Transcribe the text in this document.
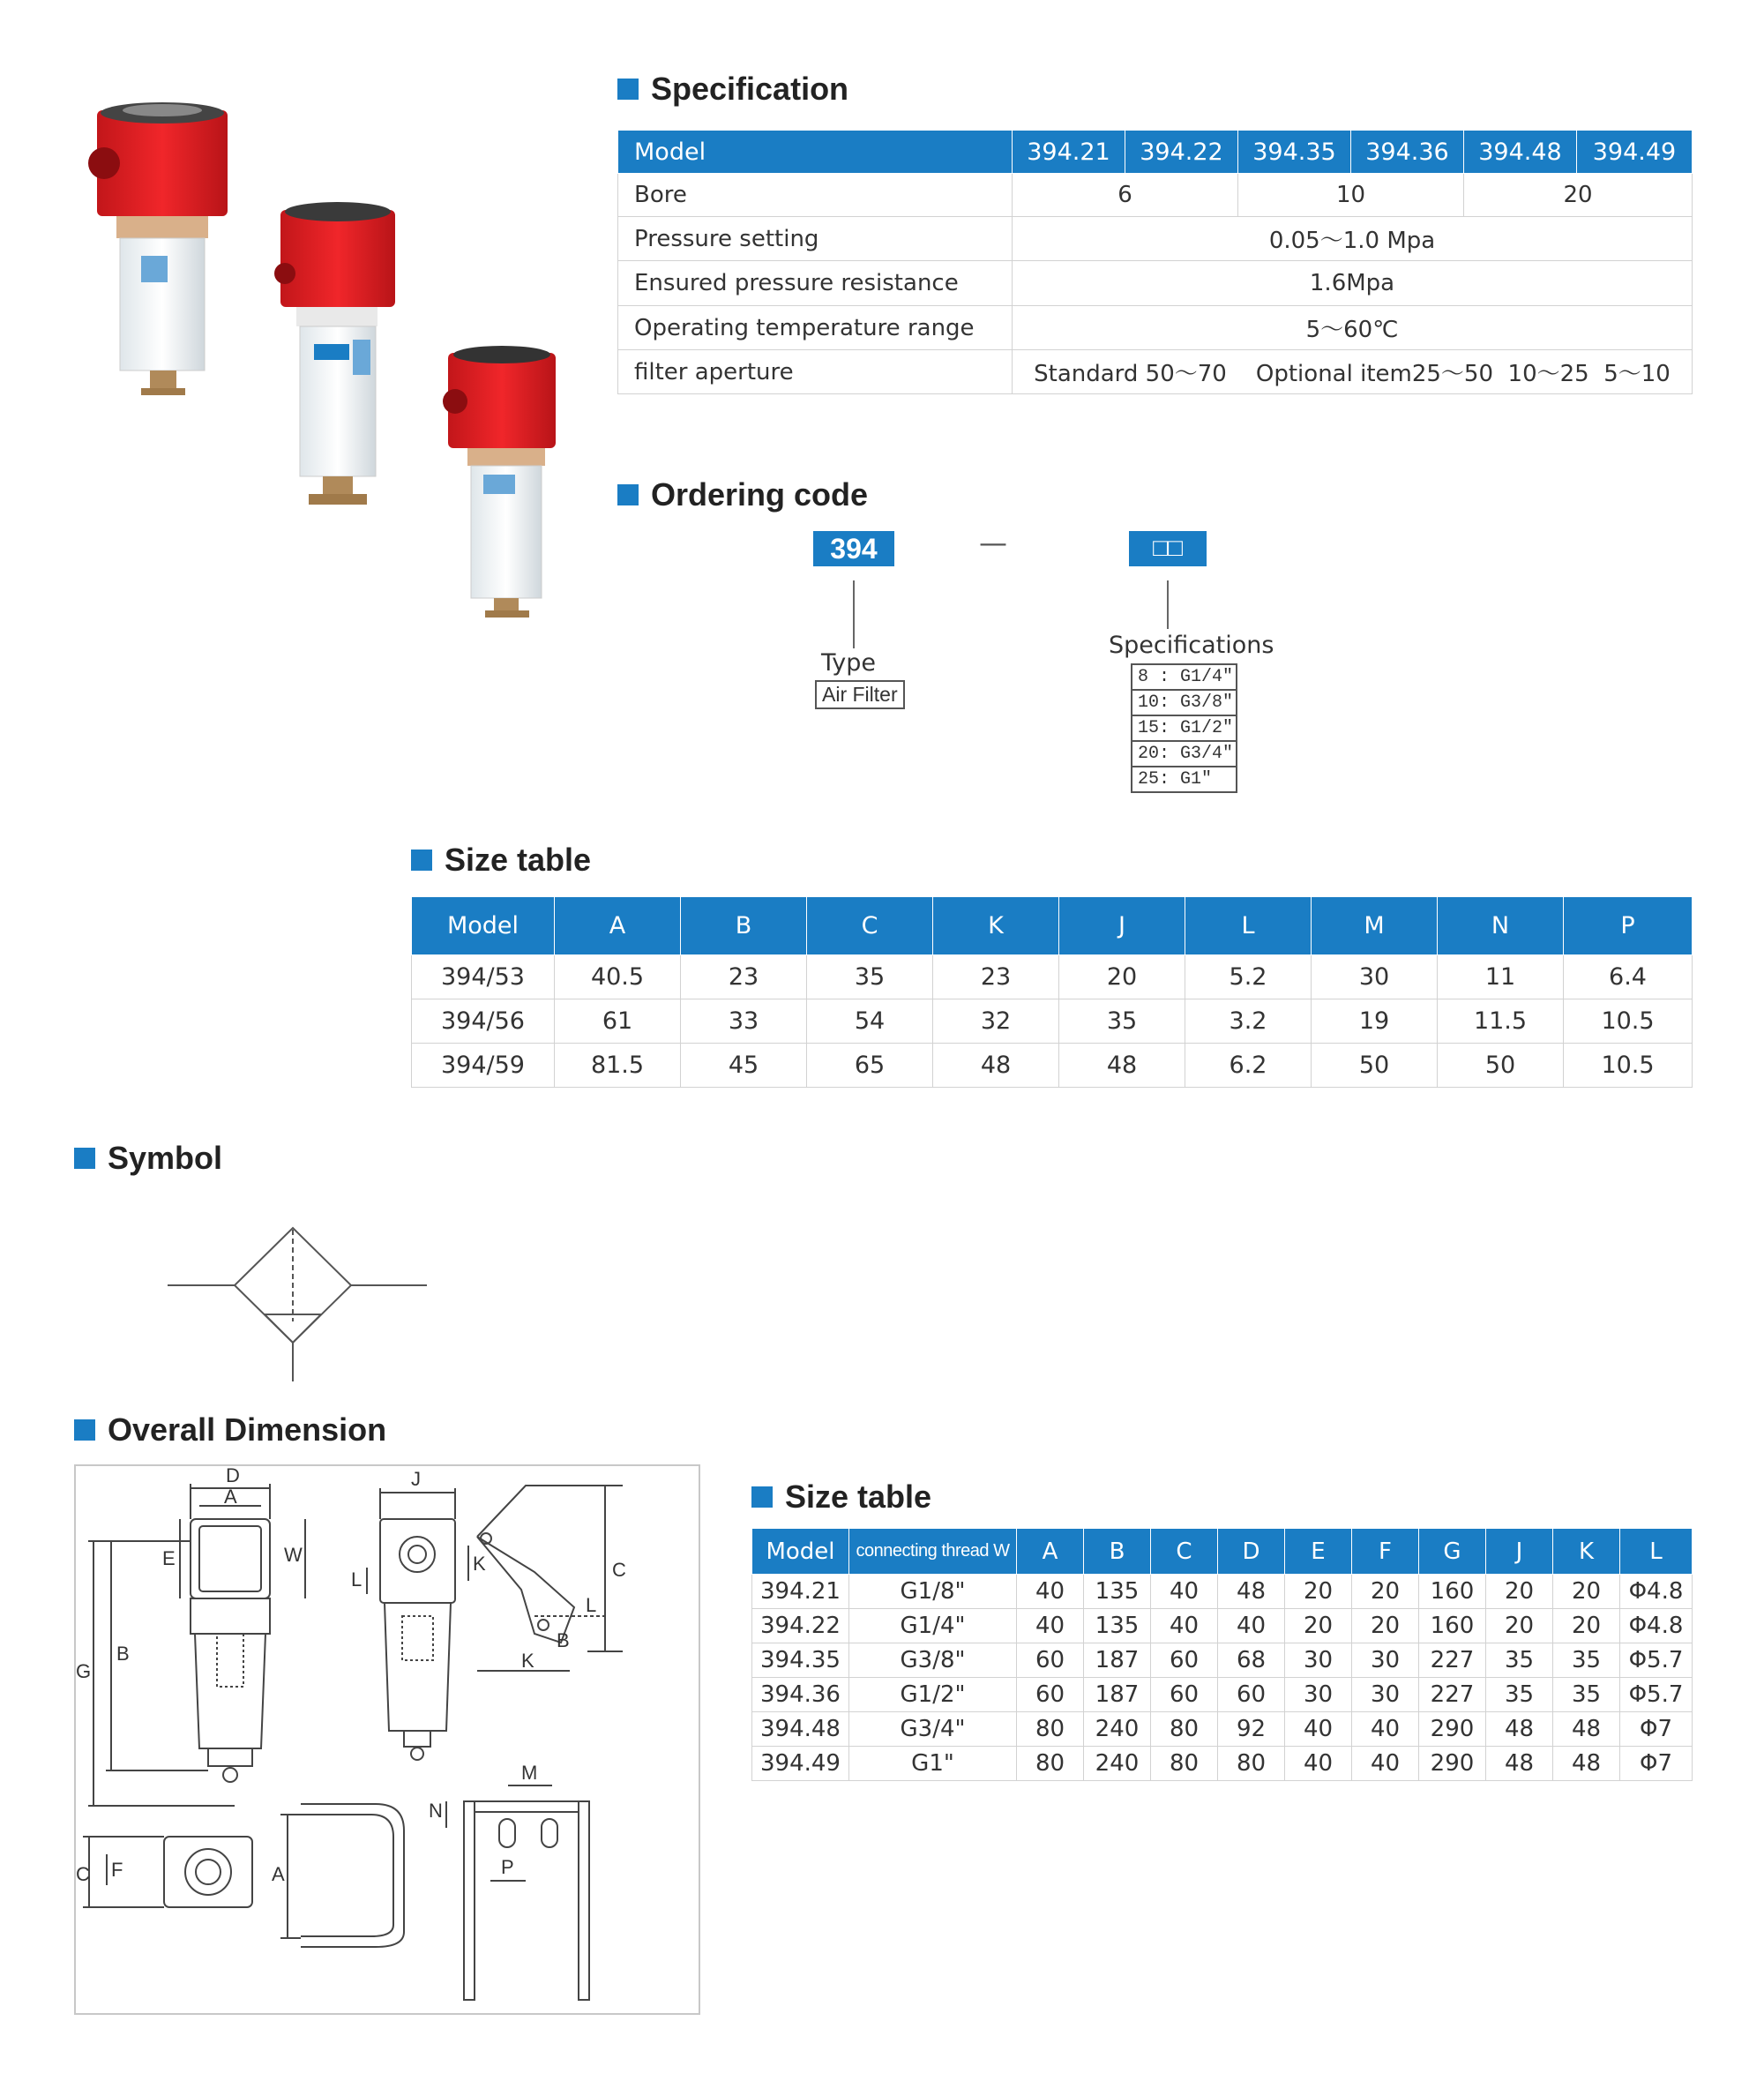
Specification
Model	394.21	394.22	394.35	394.36	394.48	394.49
Bore	6		10		20	
Pressure setting	0.05～1.0 Mpa					
Ensured pressure resistance	1.6Mpa					
Operating temperature range	5～60℃					
filter aperture	Standard 50～70    Optional item25～50  10～25  5～10					
Ordering code
394	—	□□
Type
Air Filter
Specifications
8 : G1/4"
10: G3/8"
15: G1/2"
20: G3/4"
25: G1"
Size table
Model	A	B	C	K	J	L	M	N	P
394/53	40.5	23	35	23	20	5.2	30	11	6.4
394/56	61	33	54	32	35	3.2	19	11.5	10.5
394/59	81.5	45	65	48	48	6.2	50	50	10.5
Symbol
Overall Dimension
D
A
E	W
G
B
J
L
K	C
K
B
L
C F	A
M
N
P
Size table
Model	connecting thread W	A	B	C	D	E	F	G	J	K	L
394.21	G1/8"	40	135	40	48	20	20	160	20	20	Φ4.8
394.22	G1/4"	40	135	40	40	20	20	160	20	20	Φ4.8
394.35	G3/8"	60	187	60	68	30	30	227	35	35	Φ5.7
394.36	G1/2"	60	187	60	60	30	30	227	35	35	Φ5.7
394.48	G3/4"	80	240	80	92	40	40	290	48	48	Φ7
394.49	G1"	80	240	80	80	40	40	290	48	48	Φ7
